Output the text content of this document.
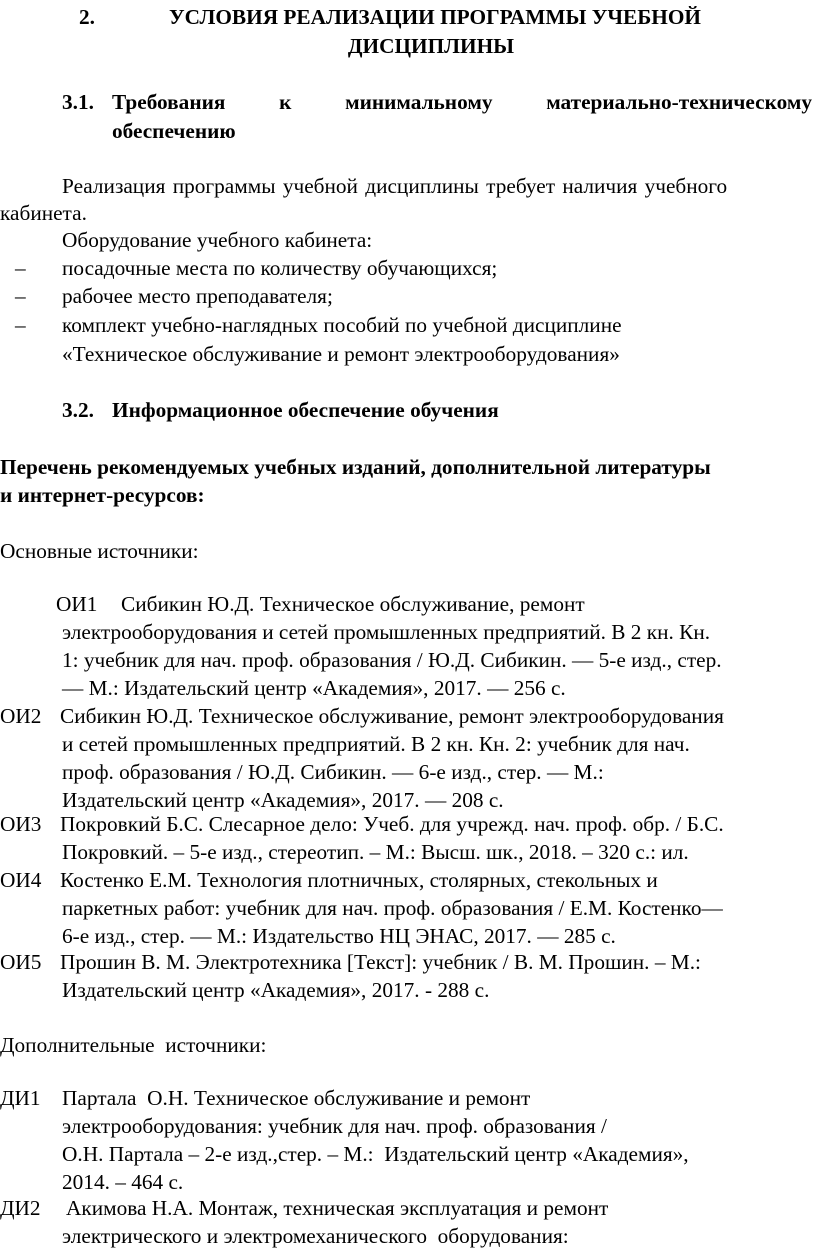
2.	УСЛОВИЯ РЕАЛИЗАЦИИ ПРОГРАММЫ УЧЕБНОЙ
ДИСЦИПЛИНЫ
3.1. Требования	к	минимальному	материально-техническому
обеспечению
Реализация программы учебной дисциплины требует наличия учебного
кабинета.
Оборудование учебного кабинета:
– посадочные места по количеству обучающихся;
– рабочее место преподавателя;
– комплект учебно-наглядных пособий по учебной дисциплине
«Техническое обслуживание и ремонт электрооборудования»
3.2. Информационное обеспечение обучения
Перечень рекомендуемых учебных изданий, дополнительной литературы
и интернет-ресурсов:
Основные источники:
ОИ1 Сибикин Ю.Д. Техническое обслуживание, ремонт
электрооборудования и сетей промышленных предприятий. В 2 кн. Кн.
1: учебник для нач. проф. образования / Ю.Д. Сибикин. — 5-е изд., стер.
— М.: Издательский центр «Академия», 2017. — 256 с.
ОИ2 Сибикин Ю.Д. Техническое обслуживание, ремонт электрооборудования
и сетей промышленных предприятий. В 2 кн. Кн. 2: учебник для нач.
проф. образования / Ю.Д. Сибикин. — 6-е изд., стер. — М.:
Издательский центр «Академия», 2017. — 208 с.
ОИ3 Покровкий Б.С. Слесарное дело: Учеб. для учрежд. нач. проф. обр. / Б.С.
Покровкий. – 5-е изд., стереотип. – М.: Высш. шк., 2018. – 320 с.: ил.
ОИ4 Костенко Е.М. Технология плотничных, столярных, стекольных и
паркетных работ: учебник для нач. проф. образования / Е.М. Костенко—
6-е изд., стер. — М.: Издательство НЦ ЭНАС, 2017. — 285 с.
ОИ5 Прошин В. М. Электротехника [Текст]: учебник / В. М. Прошин. – М.:
Издательский центр «Академия», 2017. - 288 с.
Дополнительные  источники:
ДИ1 Партала  О.Н. Техническое обслуживание и ремонт
электрооборудования: учебник для нач. проф. образования /
О.Н. Партала – 2-е изд.,стер. – М.:  Издательский центр «Академия»,
2014. – 464 с.
ДИ2 Акимова Н.А. Монтаж, техническая эксплуатация и ремонт
электрического и электромеханического  оборудования:
